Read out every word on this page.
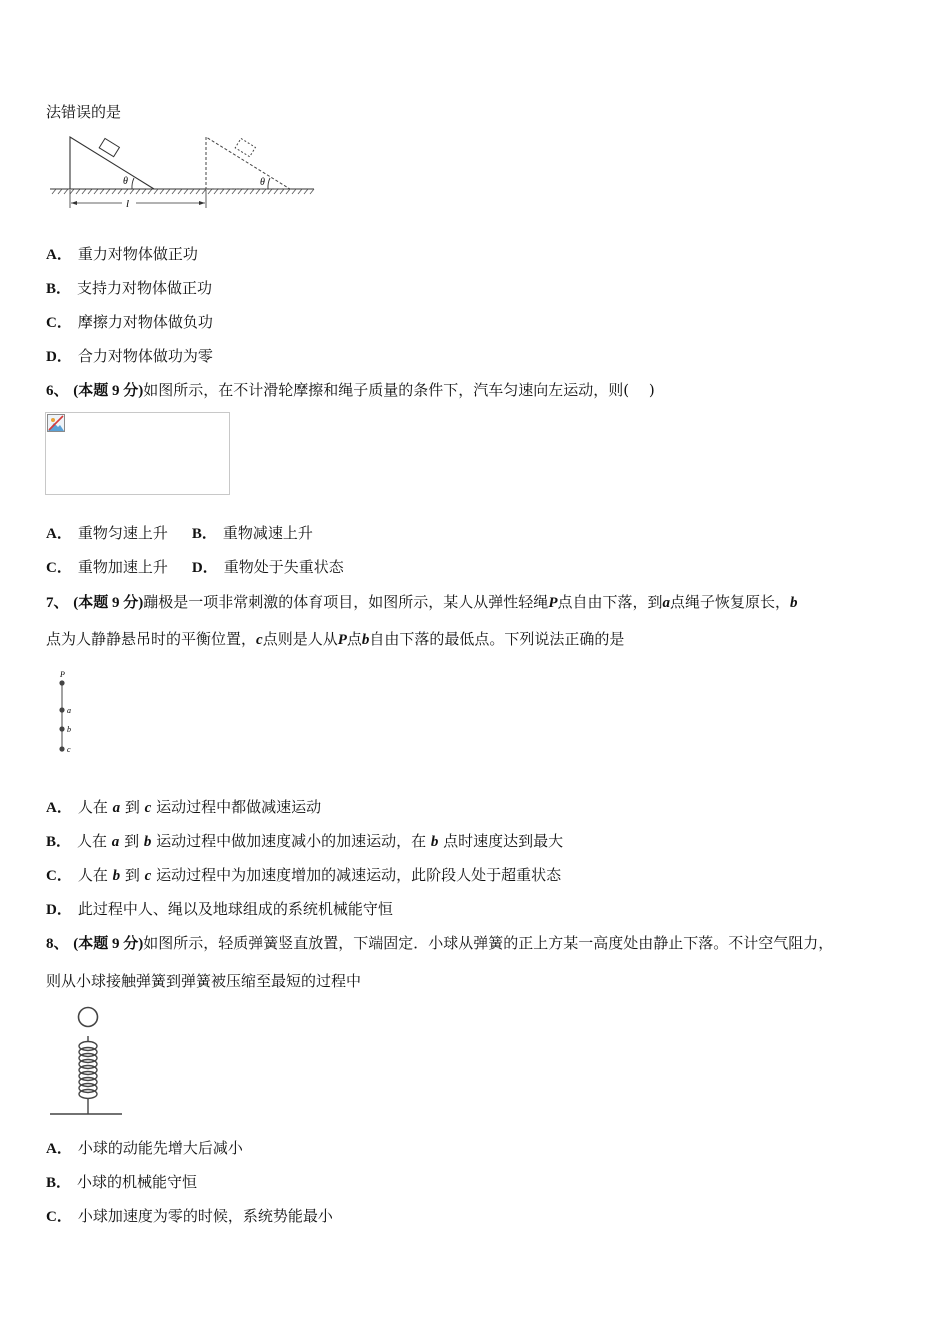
法错误的是
θ	θ
l
A． 重力对物体做正功
B． 支持力对物体做正功
C． 摩擦力对物体做负功
D． 合力对物体做功为零
6、 (本题 9 分)如图所示，在不计滑轮摩擦和绳子质量的条件下，汽车匀速向左运动，则(　 )
A． 重物匀速上升 B． 重物减速上升
C． 重物加速上升 D． 重物处于失重状态
7、 (本题 9 分)蹦极是一项非常刺激的体育项目，如图所示，某人从弹性轻绳P点自由下落，到a点绳子恢复原长，b
点为人静静悬吊时的平衡位置，c点则是人从P点b自由下落的最低点。下列说法正确的是
P
a
b
c
A． 人在 a 到 c 运动过程中都做减速运动
B． 人在 a 到 b 运动过程中做加速度减小的加速运动，在 b 点时速度达到最大
C． 人在 b 到 c 运动过程中为加速度增加的减速运动，此阶段人处于超重状态
D． 此过程中人、绳以及地球组成的系统机械能守恒
8、 (本题 9 分)如图所示，轻质弹簧竖直放置，下端固定．小球从弹簧的正上方某一高度处由静止下落。不计空气阻力，
则从小球接触弹簧到弹簧被压缩至最短的过程中
A． 小球的动能先增大后减小
B． 小球的机械能守恒
C． 小球加速度为零的时候，系统势能最小
